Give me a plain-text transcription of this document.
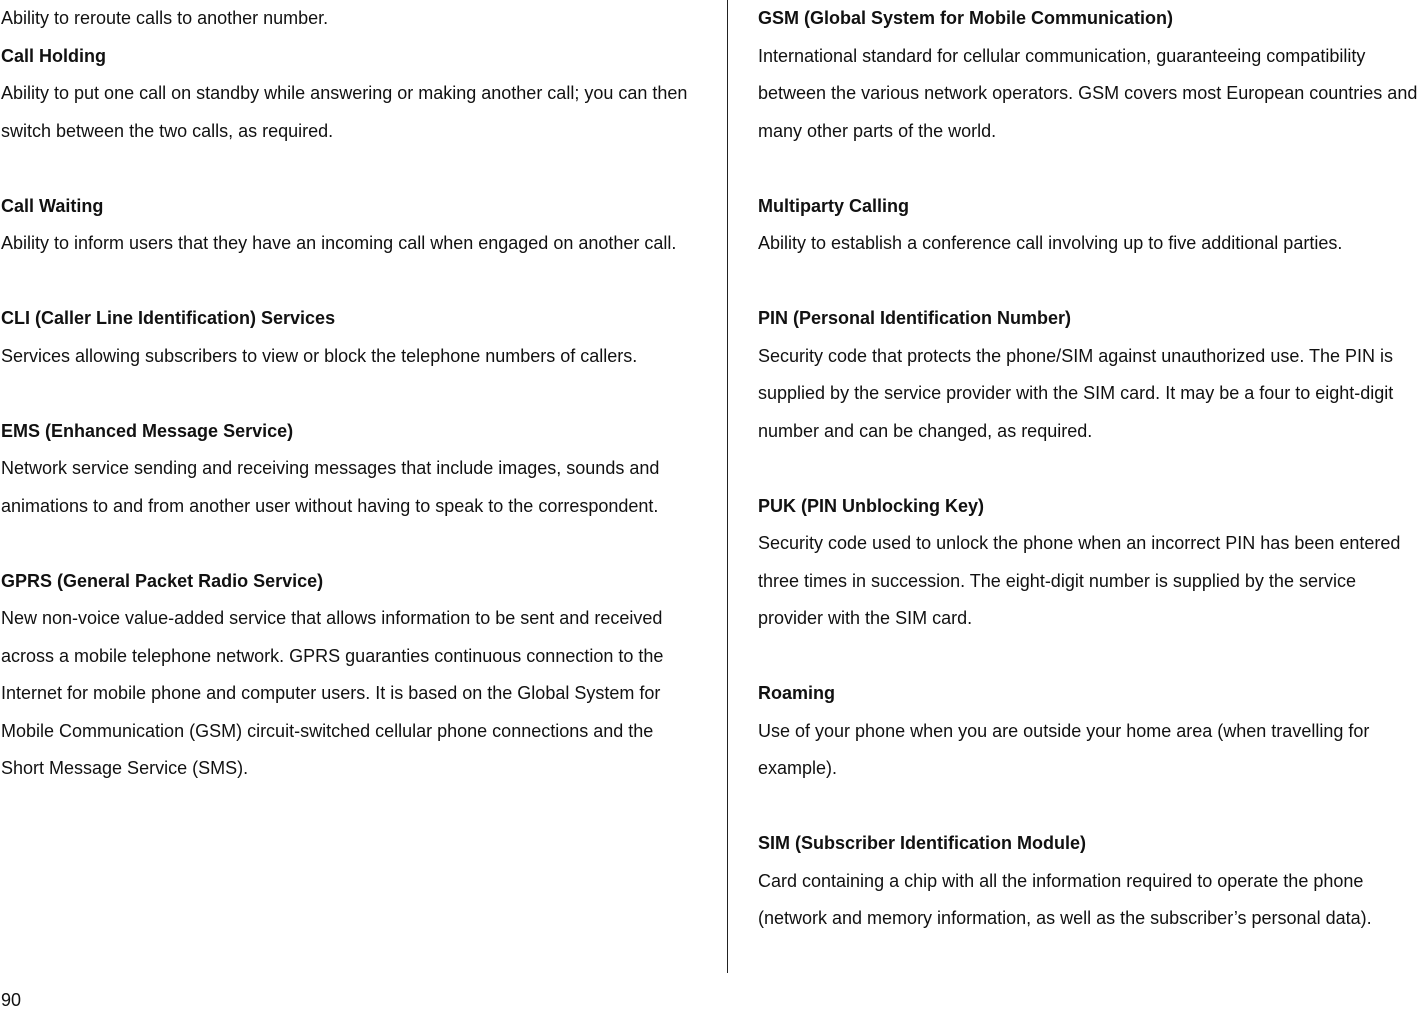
Ability to reroute calls to another number.

Call Holding

Ability to put one call on standby while answering or making another call; you can then switch between the two calls, as required.

Call Waiting

Ability to inform users that they have an incoming call when engaged on another call.

CLI (Caller Line Identification) Services

Services allowing subscribers to view or block the telephone numbers of callers.

EMS (Enhanced Message Service)

Network service sending and receiving messages that include images, sounds and animations to and from another user without having to speak to the correspondent.

GPRS (General Packet Radio Service)

New non-voice value-added service that allows information to be sent and received across a mobile telephone network. GPRS guaranties continuous connection to the Internet for mobile phone and computer users. It is based on the Global System for Mobile Communication (GSM) circuit-switched cellular phone connections and the Short Message Service (SMS).

GSM (Global System for Mobile Communication)

International standard for cellular communication, guaranteeing compatibility between the various network operators. GSM covers most European countries and many other parts of the world.

Multiparty Calling

Ability to establish a conference call involving up to five additional parties.

PIN (Personal Identification Number)

Security code that protects the phone/SIM against unauthorized use. The PIN is supplied by the service provider with the SIM card. It may be a four to eight-digit number and can be changed, as required.

PUK (PIN Unblocking Key)

Security code used to unlock the phone when an incorrect PIN has been entered three times in succession. The eight-digit number is supplied by the service provider with the SIM card.

Roaming

Use of your phone when you are outside your home area (when travelling for example).

SIM (Subscriber Identification Module)

Card containing a chip with all the information required to operate the phone (network and memory information, as well as the subscriber’s personal data).

90
